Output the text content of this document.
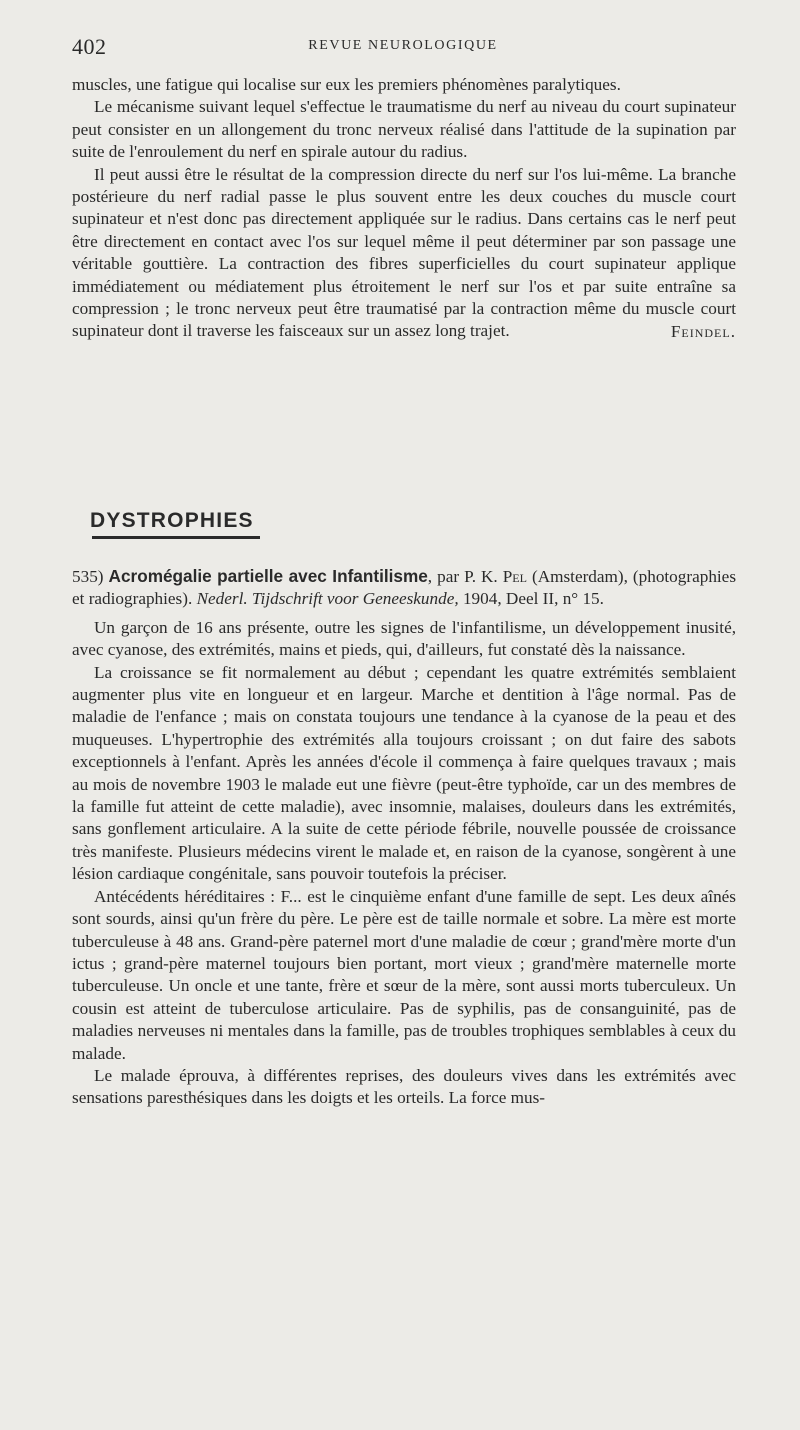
402	REVUE NEUROLOGIQUE

muscles, une fatigue qui localise sur eux les premiers phénomènes paralytiques.

Le mécanisme suivant lequel s'effectue le traumatisme du nerf au niveau du court supinateur peut consister en un allongement du tronc nerveux réalisé dans l'attitude de la supination par suite de l'enroulement du nerf en spirale autour du radius.

Il peut aussi être le résultat de la compression directe du nerf sur l'os lui-même. La branche postérieure du nerf radial passe le plus souvent entre les deux couches du muscle court supinateur et n'est donc pas directement appliquée sur le radius. Dans certains cas le nerf peut être directement en contact avec l'os sur lequel même il peut déterminer par son passage une véritable gouttière. La contraction des fibres superficielles du court supinateur applique immédiatement ou médiatement plus étroitement le nerf sur l'os et par suite entraîne sa compression ; le tronc nerveux peut être traumatisé par la contraction même du muscle court supinateur dont il traverse les faisceaux sur un assez long trajet.	Feindel.

DYSTROPHIES

535) Acromégalie partielle avec Infantilisme, par P. K. Pel (Amsterdam), (photographies et radiographies). Nederl. Tijdschrift voor Geneeskunde, 1904, Deel II, n° 15.

Un garçon de 16 ans présente, outre les signes de l'infantilisme, un développement inusité, avec cyanose, des extrémités, mains et pieds, qui, d'ailleurs, fut constaté dès la naissance.

La croissance se fit normalement au début ; cependant les quatre extrémités semblaient augmenter plus vite en longueur et en largeur. Marche et dentition à l'âge normal. Pas de maladie de l'enfance ; mais on constata toujours une tendance à la cyanose de la peau et des muqueuses. L'hypertrophie des extrémités alla toujours croissant ; on dut faire des sabots exceptionnels à l'enfant. Après les années d'école il commença à faire quelques travaux ; mais au mois de novembre 1903 le malade eut une fièvre (peut-être typhoïde, car un des membres de la famille fut atteint de cette maladie), avec insomnie, malaises, douleurs dans les extrémités, sans gonflement articulaire. A la suite de cette période fébrile, nouvelle poussée de croissance très manifeste. Plusieurs médecins virent le malade et, en raison de la cyanose, songèrent à une lésion cardiaque congénitale, sans pouvoir toutefois la préciser.

Antécédents héréditaires : F... est le cinquième enfant d'une famille de sept. Les deux aînés sont sourds, ainsi qu'un frère du père. Le père est de taille normale et sobre. La mère est morte tuberculeuse à 48 ans. Grand-père paternel mort d'une maladie de cœur ; grand'mère morte d'un ictus ; grand-père maternel toujours bien portant, mort vieux ; grand'mère maternelle morte tuberculeuse. Un oncle et une tante, frère et sœur de la mère, sont aussi morts tuberculeux. Un cousin est atteint de tuberculose articulaire. Pas de syphilis, pas de consanguinité, pas de maladies nerveuses ni mentales dans la famille, pas de troubles trophiques semblables à ceux du malade.

Le malade éprouva, à différentes reprises, des douleurs vives dans les extrémités avec sensations paresthésiques dans les doigts et les orteils. La force mus-
